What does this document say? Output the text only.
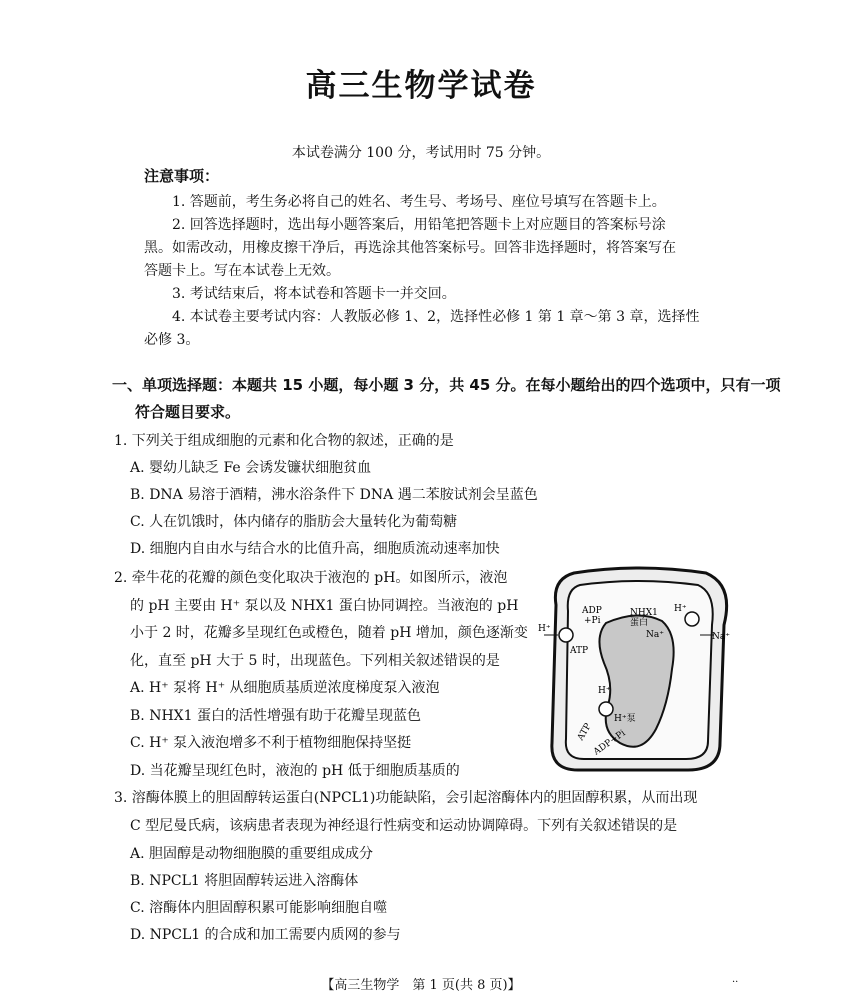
高三生物学试卷
本试卷满分 100 分，考试用时 75 分钟。
注意事项：
1. 答题前，考生务必将自己的姓名、考生号、考场号、座位号填写在答题卡上。
2. 回答选择题时，选出每小题答案后，用铅笔把答题卡上对应题目的答案标号涂
黑。如需改动，用橡皮擦干净后，再选涂其他答案标号。回答非选择题时，将答案写在
答题卡上。写在本试卷上无效。
3. 考试结束后，将本试卷和答题卡一并交回。
4. 本试卷主要考试内容：人教版必修 1、2，选择性必修 1 第 1 章～第 3 章，选择性
必修 3。
一、单项选择题：本题共 15 小题，每小题 3 分，共 45 分。在每小题给出的四个选项中，只有一项
符合题目要求。
1. 下列关于组成细胞的元素和化合物的叙述，正确的是
A. 婴幼儿缺乏 Fe 会诱发镰状细胞贫血
B. DNA 易溶于酒精，沸水浴条件下 DNA 遇二苯胺试剂会呈蓝色
C. 人在饥饿时，体内储存的脂肪会大量转化为葡萄糖
D. 细胞内自由水与结合水的比值升高，细胞质流动速率加快
2. 牵牛花的花瓣的颜色变化取决于液泡的 pH。如图所示，液泡
的 pH 主要由 H⁺ 泵以及 NHX1 蛋白协同调控。当液泡的 pH
小于 2 时，花瓣多呈现红色或橙色，随着 pH 增加，颜色逐渐变
化，直至 pH 大于 5 时，出现蓝色。下列相关叙述错误的是
A. H⁺ 泵将 H⁺ 从细胞质基质逆浓度梯度泵入液泡
B. NHX1 蛋白的活性增强有助于花瓣呈现蓝色
C. H⁺ 泵入液泡增多不利于植物细胞保持坚挺
D. 当花瓣呈现红色时，液泡的 pH 低于细胞质基质的
ADP
+Pi
ATP
H⁺
NHX1
蛋白
H⁺
Na⁺	Na⁺
H⁺
H⁺泵
ATP
ADP+Pi
3. 溶酶体膜上的胆固醇转运蛋白(NPCL1)功能缺陷，会引起溶酶体内的胆固醇积累，从而出现
C 型尼曼氏病，该病患者表现为神经退行性病变和运动协调障碍。下列有关叙述错误的是
A. 胆固醇是动物细胞膜的重要组成成分
B. NPCL1 将胆固醇转运进入溶酶体
C. 溶酶体内胆固醇积累可能影响细胞自噬
D. NPCL1 的合成和加工需要内质网的参与
【高三生物学　第 1 页(共 8 页)】	··
